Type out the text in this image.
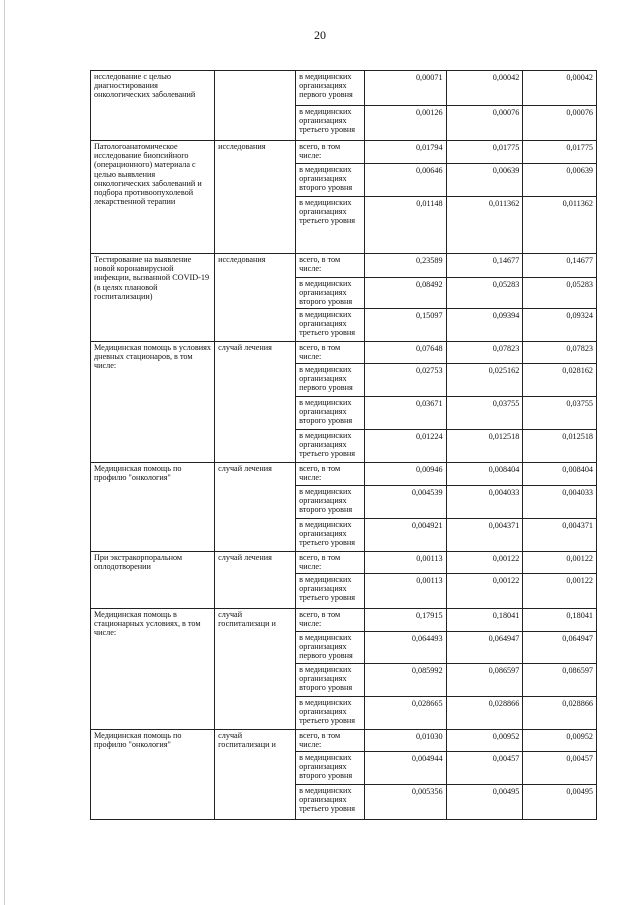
20
исследование с целью диагностирования онкологических заболеваний		в медицинских организациях первого уровня	0,00071	0,00042	0,00042
		в медицинских организациях третьего уровня	0,00126	0,00076	0,00076
Патологоанатомическое исследование биопсийного (операционного) материала с целью выявления онкологических заболеваний и подбора противоопухолевой лекарственной терапии	исследования	всего, в том числе:	0,01794	0,01775	0,01775
		в медицинских организациях второго уровня	0,00646	0,00639	0,00639
		в медицинских организациях третьего уровня	0,01148	0,011362	0,011362
Тестирование на выявление новой коронавирусной инфекции, вызванной COVID-19 (в целях плановой госпитализации)	исследования	всего, в том числе:	0,23589	0,14677	0,14677
		в медицинских организациях второго уровня	0,08492	0,05283	0,05283
		в медицинских организациях третьего уровня	0,15097	0,09394	0,09324
Медицинская помощь в условиях дневных стационаров, в том числе:	случай лечения	всего, в том числе:	0,07648	0,07823	0,07823
		в медицинских организациях первого уровня	0,02753	0,025162	0,028162
		в медицинских организациях второго уровня	0,03671	0,03755	0,03755
		в медицинских организациях третьего уровня	0,01224	0,012518	0,012518
Медицинская помощь по профилю "онкология"	случай лечения	всего, в том числе:	0,00946	0,008404	0,008404
		в медицинских организациях второго уровня	0,004539	0,004033	0,004033
		в медицинских организациях третьего уровня	0,004921	0,004371	0,004371
При экстракорпоральном оплодотворении	случай лечения	всего, в том числе:	0,00113	0,00122	0,00122
		в медицинских организациях третьего уровня	0,00113	0,00122	0,00122
Медицинская помощь в стационарных условиях, в том числе:	случай госпитализаци и	всего, в том числе:	0,17915	0,18041	0,18041
		в медицинских организациях первого уровня	0,064493	0,064947	0,064947
		в медицинских организациях второго уровня	0,085992	0,086597	0,086597
		в медицинских организациях третьего уровня	0,028665	0,028866	0,028866
Медицинская помощь по профилю "онкология"	случай госпитализаци и	всего, в том числе:	0,01030	0,00952	0,00952
		в медицинских организациях второго уровня	0,004944	0,00457	0,00457
		в медицинских организациях третьего уровня	0,005356	0,00495	0,00495
